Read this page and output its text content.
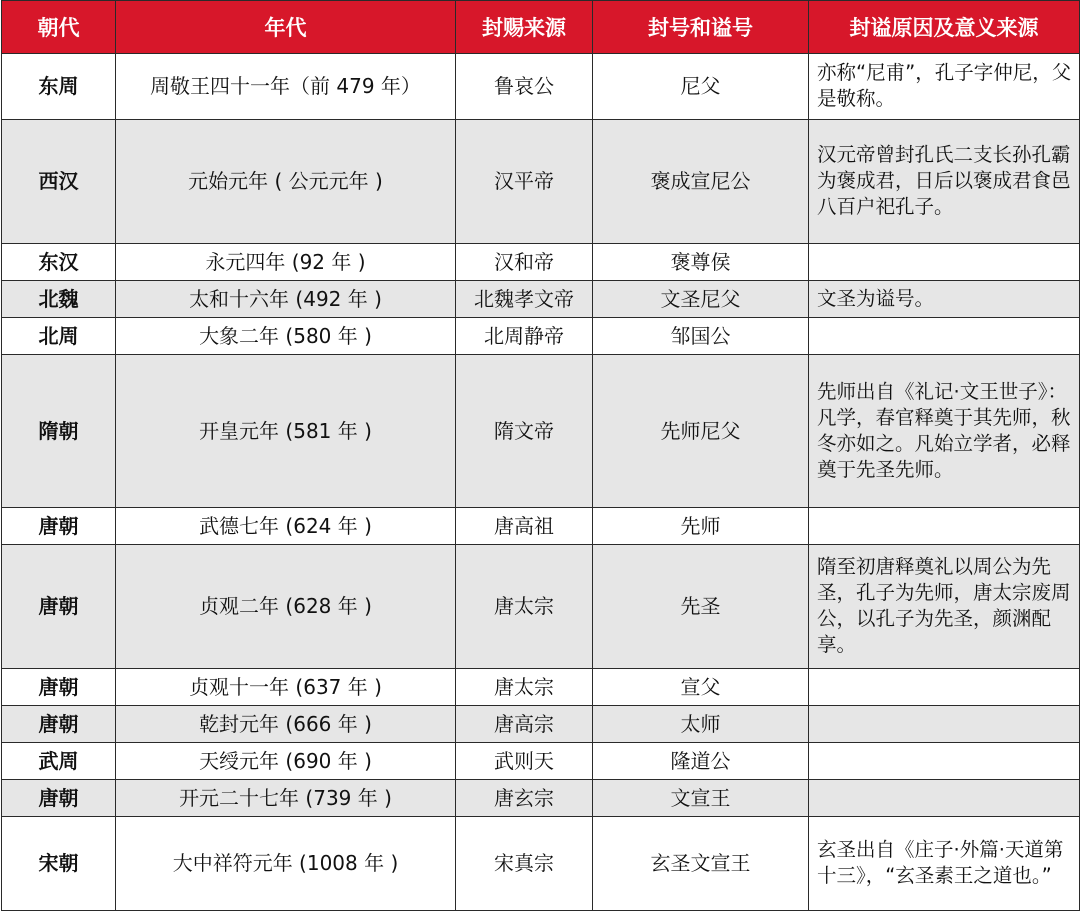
朝代	年代	封赐来源	封号和谥号	封谥原因及意义来源
东周	周敬王四十一年（前 479 年）	鲁哀公	尼父	亦称“尼甫”，孔子字仲尼，父是敬称。
西汉	元始元年 ( 公元元年 )	汉平帝	褒成宣尼公	汉元帝曾封孔氏二支长孙孔霸为褒成君，日后以褒成君食邑八百户祀孔子。
东汉	永元四年 (92 年 )	汉和帝	褒尊侯	
北魏	太和十六年 (492 年 )	北魏孝文帝	文圣尼父	文圣为谥号。
北周	大象二年 (580 年 )	北周静帝	邹国公	
隋朝	开皇元年 (581 年 )	隋文帝	先师尼父	先师出自《礼记·文王世子》：凡学，春官释奠于其先师，秋冬亦如之。凡始立学者，必释奠于先圣先师。
唐朝	武德七年 (624 年 )	唐高祖	先师	
唐朝	贞观二年 (628 年 )	唐太宗	先圣	隋至初唐释奠礼以周公为先圣，孔子为先师，唐太宗废周公，以孔子为先圣，颜渊配享。
唐朝	贞观十一年 (637 年 )	唐太宗	宣父	
唐朝	乾封元年 (666 年 )	唐高宗	太师	
武周	天绶元年 (690 年 )	武则天	隆道公	
唐朝	开元二十七年 (739 年 )	唐玄宗	文宣王	
宋朝	大中祥符元年 (1008 年 )	宋真宗	玄圣文宣王	玄圣出自《庄子·外篇·天道第十三》，“玄圣素王之道也。”
